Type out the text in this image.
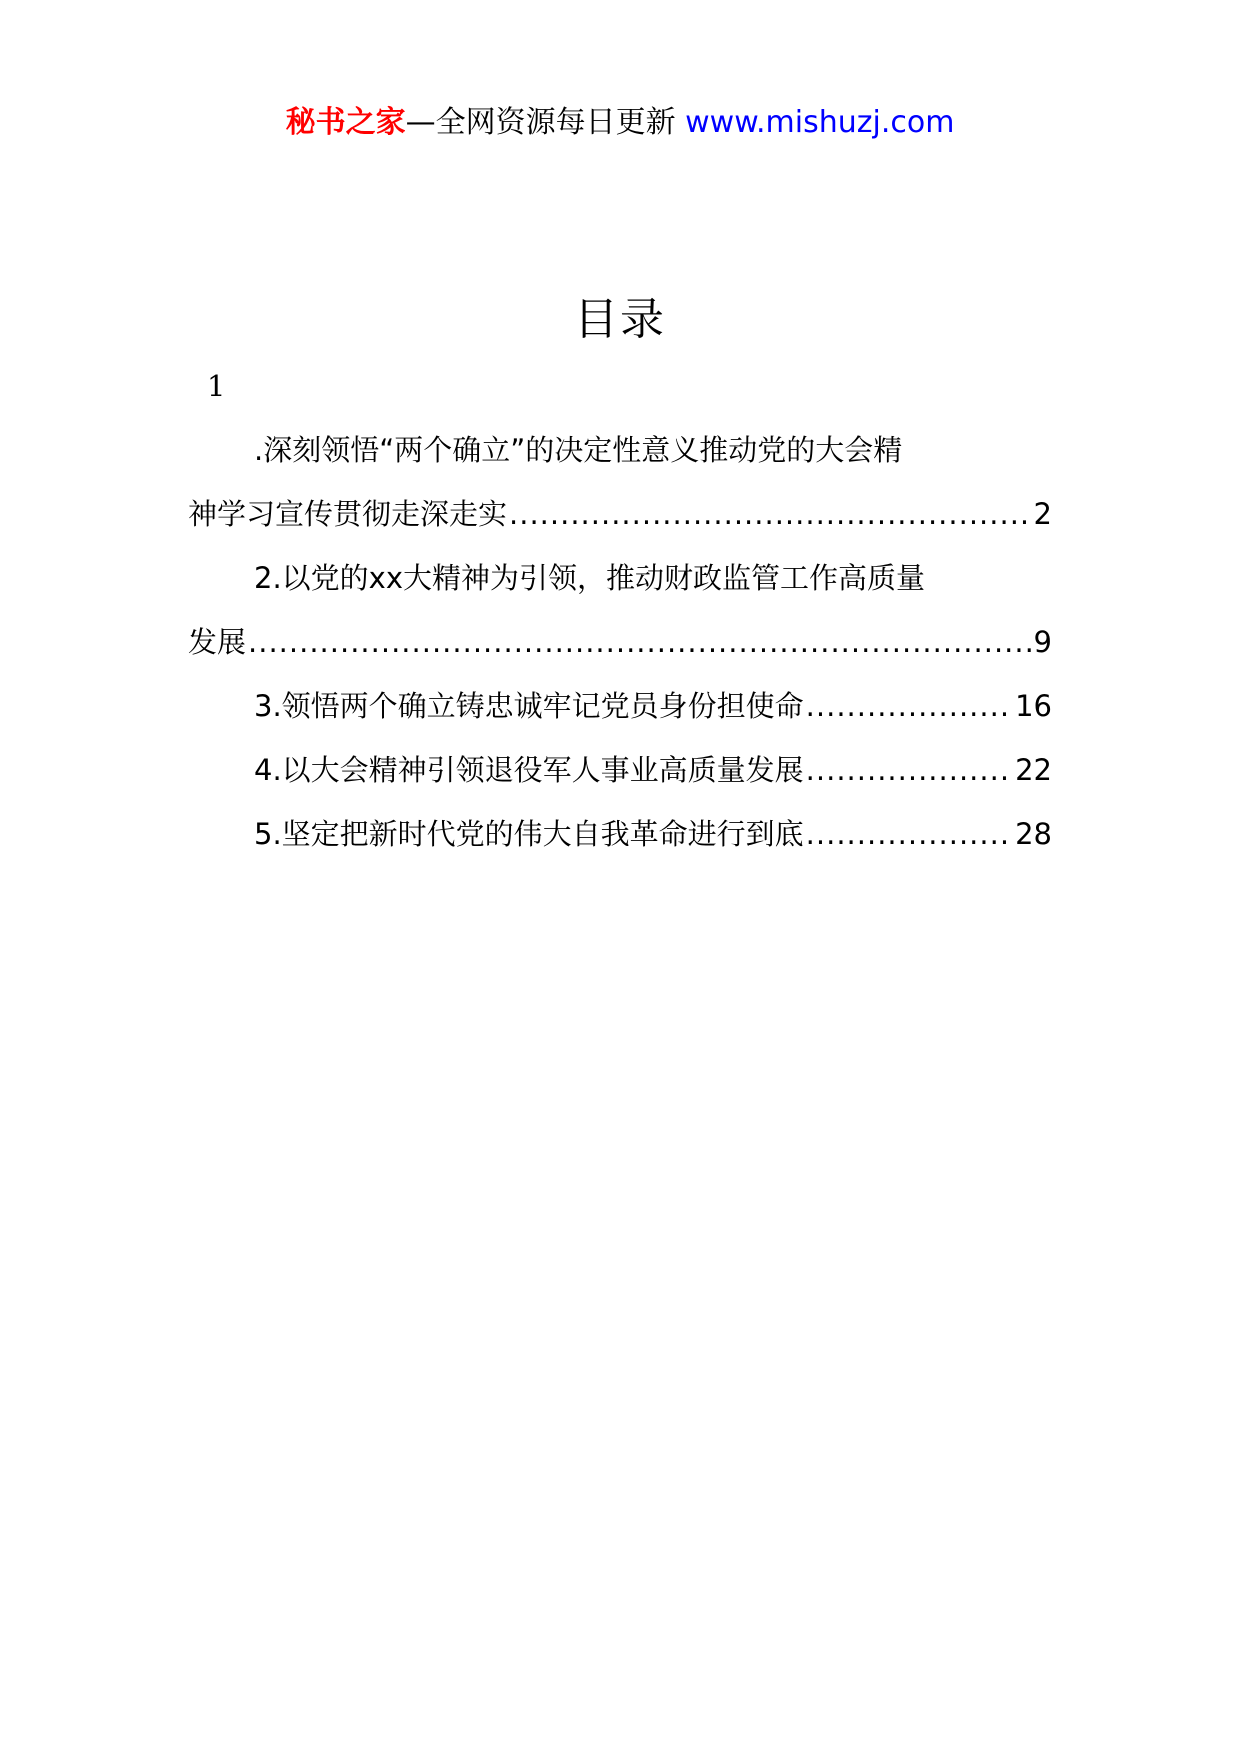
秘书之家—全网资源每日更新 www.mishuzj.com
目录
1
.深刻领悟“两个确立”的决定性意义推动党的大会精
神学习宣传贯彻走深走实 .....	2
2.以党的xx大精神为引领，推动财政监管工作高质量
发展 .....	9
3.领悟两个确立铸忠诚牢记党员身份担使命 .....	16
4.以大会精神引领退役军人事业高质量发展 .....	22
5.坚定把新时代党的伟大自我革命进行到底 .....	28
